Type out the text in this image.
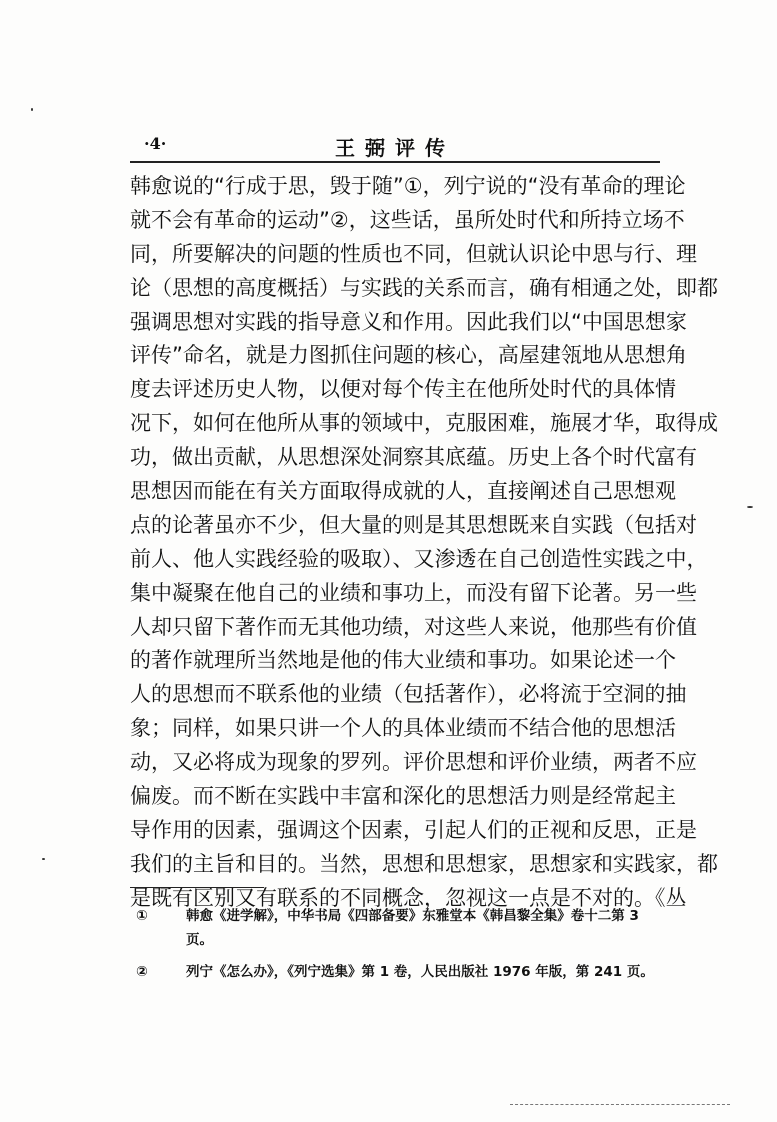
·4·	王弼评传
韩愈说的“行成于思，毁于随”①，列宁说的“没有革命的理论
就不会有革命的运动”②，这些话，虽所处时代和所持立场不
同，所要解决的问题的性质也不同，但就认识论中思与行、理
论（思想的高度概括）与实践的关系而言，确有相通之处，即都
强调思想对实践的指导意义和作用。因此我们以“中国思想家
评传”命名，就是力图抓住问题的核心，高屋建瓴地从思想角
度去评述历史人物，以便对每个传主在他所处时代的具体情
况下，如何在他所从事的领域中，克服困难，施展才华，取得成
功，做出贡献，从思想深处洞察其底蕴。历史上各个时代富有
思想因而能在有关方面取得成就的人，直接阐述自己思想观
点的论著虽亦不少，但大量的则是其思想既来自实践（包括对
前人、他人实践经验的吸取）、又渗透在自己创造性实践之中，
集中凝聚在他自己的业绩和事功上，而没有留下论著。另一些
人却只留下著作而无其他功绩，对这些人来说，他那些有价值
的著作就理所当然地是他的伟大业绩和事功。如果论述一个
人的思想而不联系他的业绩（包括著作），必将流于空洞的抽
象；同样，如果只讲一个人的具体业绩而不结合他的思想活
动，又必将成为现象的罗列。评价思想和评价业绩，两者不应
偏废。而不断在实践中丰富和深化的思想活力则是经常起主
导作用的因素，强调这个因素，引起人们的正视和反思，正是
我们的主旨和目的。当然，思想和思想家，思想家和实践家，都
是既有区别又有联系的不同概念，忽视这一点是不对的。《丛
①	韩愈《进学解》，中华书局《四部备要》东雅堂本《韩昌黎全集》卷十二第 3
页。
②	列宁《怎么办》，《列宁选集》第 1 卷，人民出版社 1976 年版，第 241 页。
